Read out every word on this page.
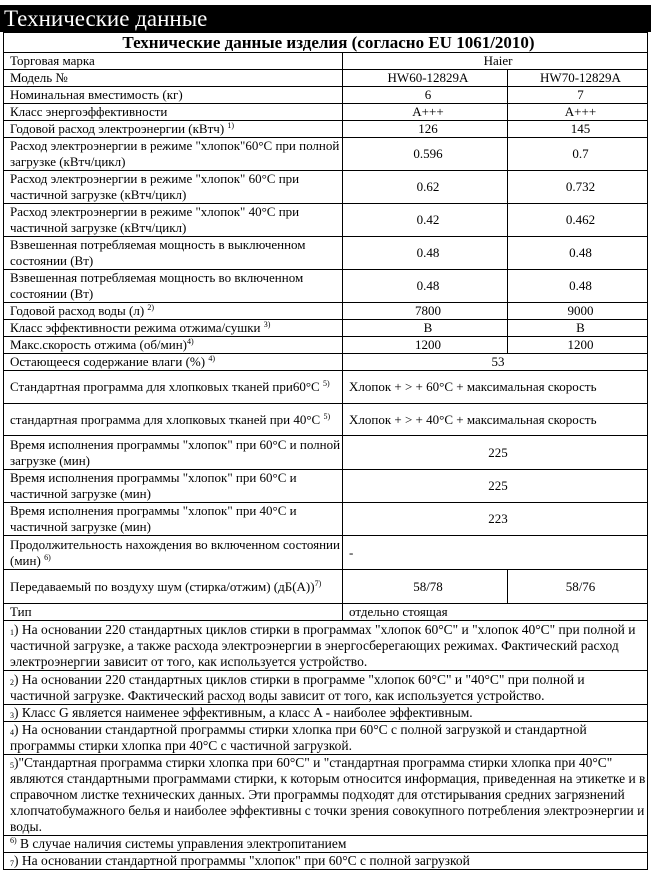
Технические данные
Технические данные изделия (согласно EU 1061/2010)		
Торговая марка	Haier	
Модель №	HW60-12829A	HW70-12829A
Номинальная вместимость (кг)	6	7
Класс энергоэффективности	A+++	A+++
Годовой расход электроэнергии (кВтч) $^{1)}$	126	145
Расход электроэнергии в режиме "хлопок"60°C при полной загрузке (кВтч/цикл)	0.596	0.7
Расход электроэнергии в режиме "хлопок" 60°C при частичной загрузке (кВтч/цикл)	0.62	0.732
Расход электроэнергии в режиме "хлопок" 40°C при частичной загрузке (кВтч/цикл)	0.42	0.462
Взвешенная потребляемая мощность в выключенном состоянии (Вт)	0.48	0.48
Взвешенная потребляемая мощность во включенном состоянии (Вт)	0.48	0.48
Годовой расход воды (л) $^{2)}$	7800	9000
Класс эффективности режима отжима/сушки $^{3)}$	B	B
Макс.скорость отжима $(об/мин)^{4)}$	1200	1200
Остающееся содержание влаги (%) $^{4)}$	53	
Стандартная программа для хлопковых тканей при60°C $^{5)}$	Хлопок + > + 60°C + максимальная скорость	
стандартная программа для хлопковых тканей при 40°C $^{5)}$	Хлопок + > + 40°C + максимальная скорость	
Время исполнения программы "хлопок" при 60°C и полной загрузке (мин)	225	
Время исполнения программы "хлопок" при 60°C и частичной загрузке (мин)	225	
Время исполнения программы "хлопок" при 40°C и частичной загрузке (мин)	223	
Продолжительность нахождения во включенном состоянии (мин) $^{6)}$	-	
Передаваемый по воздуху шум (стирка/отжим) $(дБ(A))^{7)}$	58/78	58/76
Тип	отдельно стоящая	
$_1$) На основании 220 стандартных циклов стирки в программах "хлопок 60°C" и "хлопок 40°C" при полной и частичной загрузке, а также расхода электроэнергии в энергосберегающих режимах. Фактический расход электроэнергии зависит от того, как используется устройство.		
$_2$) На основании 220 стандартных циклов стирки в программе "хлопок 60°C" и "40°C" при полной и частичной загрузке. Фактический расход воды зависит от того, как используется устройство.		
$_3$) Класс G является наименее эффективным, а класс A - наиболее эффективным.		
$_4$) На основании стандартной программы стирки хлопка при 60°C с полной загрузкой и стандартной программы стирки хлопка при 40°C с частичной загрузкой.		
$_5$)"Стандартная программа стирки хлопка при 60°C" и "стандартная программа стирки хлопка при 40°C" являются стандартными программами стирки, к которым относится информация, приведенная на этикетке и в справочном листке технических данных. Эти программы подходят для отстирывания средних загрязнений хлопчатобумажного белья и наиболее эффективны с точки зрения совокупного потребления электроэнергии и воды.		
$^{6)}$ В случае наличия системы управления электропитанием		
$_7$) На основании стандартной программы "хлопок" при 60°C с полной загрузкой		
